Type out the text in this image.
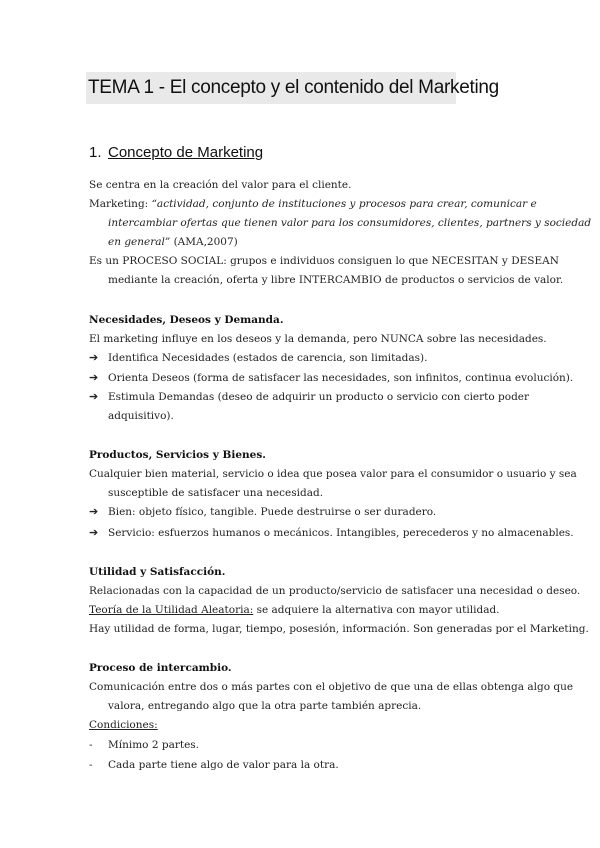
TEMA 1 - El concepto y el contenido del Marketing
1. Concepto de Marketing
Se centra en la creación del valor para el cliente.
Marketing: “actividad, conjunto de instituciones y procesos para crear, comunicar e
intercambiar ofertas que tienen valor para los consumidores, clientes, partners y sociedad
en general” (AMA,2007)
Es un PROCESO SOCIAL: grupos e individuos consiguen lo que NECESITAN y DESEAN
mediante la creación, oferta y libre INTERCAMBIO de productos o servicios de valor.
Necesidades, Deseos y Demanda.
El marketing influye en los deseos y la demanda, pero NUNCA sobre las necesidades.
➔ Identifica Necesidades (estados de carencia, son limitadas).
➔ Orienta Deseos (forma de satisfacer las necesidades, son infinitos, continua evolución).
➔ Estimula Demandas (deseo de adquirir un producto o servicio con cierto poder
adquisitivo).
Productos, Servicios y Bienes.
Cualquier bien material, servicio o idea que posea valor para el consumidor o usuario y sea
susceptible de satisfacer una necesidad.
➔ Bien: objeto físico, tangible. Puede destruirse o ser duradero.
➔ Servicio: esfuerzos humanos o mecánicos. Intangibles, perecederos y no almacenables.
Utilidad y Satisfacción.
Relacionadas con la capacidad de un producto/servicio de satisfacer una necesidad o deseo.
Teoría de la Utilidad Aleatoria: se adquiere la alternativa con mayor utilidad.
Hay utilidad de forma, lugar, tiempo, posesión, información. Son generadas por el Marketing.
Proceso de intercambio.
Comunicación entre dos o más partes con el objetivo de que una de ellas obtenga algo que
valora, entregando algo que la otra parte también aprecia.
Condiciones:
- Mínimo 2 partes.
- Cada parte tiene algo de valor para la otra.
